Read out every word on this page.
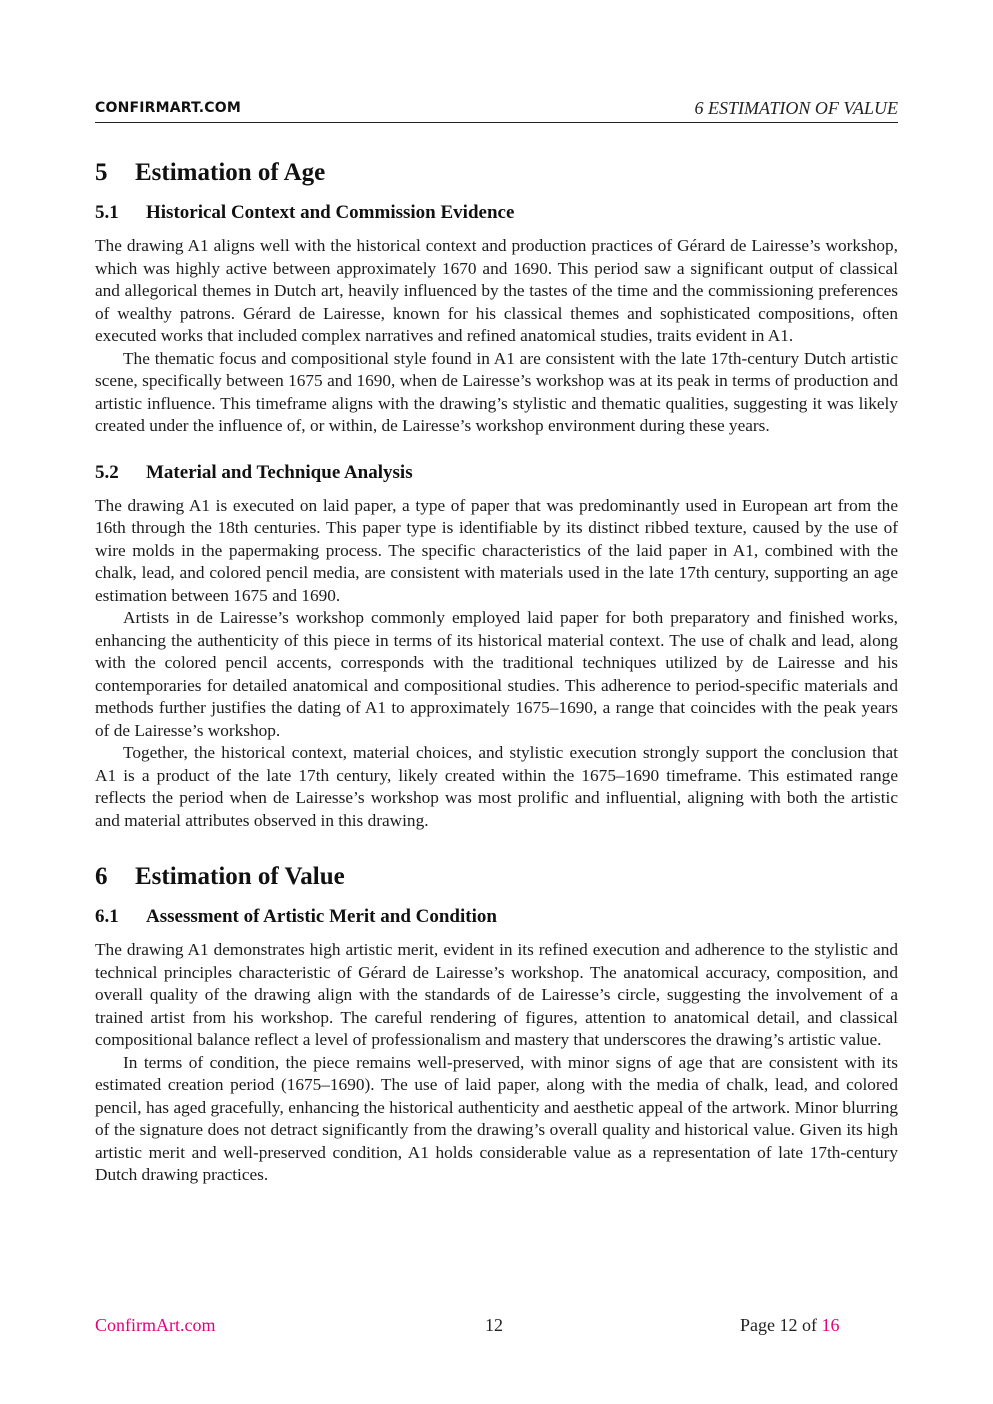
CONFIRMART.COM	6 ESTIMATION OF VALUE
5 Estimation of Age
5.1 Historical Context and Commission Evidence

The drawing A1 aligns well with the historical context and production practices of Gérard de Lairesse’s workshop, which was highly active between approximately 1670 and 1690. This period saw a significant output of classical and allegorical themes in Dutch art, heavily influenced by the tastes of the time and the commissioning preferences of wealthy patrons. Gérard de Lairesse, known for his classical themes and sophisticated compositions, often executed works that included complex narratives and refined anatomical studies, traits evident in A1.

The thematic focus and compositional style found in A1 are consistent with the late 17th-century Dutch artistic scene, specifically between 1675 and 1690, when de Lairesse’s workshop was at its peak in terms of production and artistic influence. This timeframe aligns with the drawing’s stylistic and thematic qualities, suggesting it was likely created under the influence of, or within, de Lairesse’s workshop environment during these years.

5.2 Material and Technique Analysis

The drawing A1 is executed on laid paper, a type of paper that was predominantly used in European art from the 16th through the 18th centuries. This paper type is identifiable by its distinct ribbed texture, caused by the use of wire molds in the papermaking process. The specific characteristics of the laid paper in A1, combined with the chalk, lead, and colored pencil media, are consistent with materials used in the late 17th century, supporting an age estimation between 1675 and 1690.

Artists in de Lairesse’s workshop commonly employed laid paper for both preparatory and finished works, enhancing the authenticity of this piece in terms of its historical material context. The use of chalk and lead, along with the colored pencil accents, corresponds with the traditional techniques utilized by de Lairesse and his contemporaries for detailed anatomical and compositional studies. This adherence to period-specific materials and methods further justifies the dating of A1 to approximately 1675–1690, a range that coincides with the peak years of de Lairesse’s workshop.

Together, the historical context, material choices, and stylistic execution strongly support the conclusion that A1 is a product of the late 17th century, likely created within the 1675–1690 timeframe. This estimated range reflects the period when de Lairesse’s workshop was most prolific and influential, aligning with both the artistic and material attributes observed in this drawing.

6 Estimation of Value
6.1 Assessment of Artistic Merit and Condition

The drawing A1 demonstrates high artistic merit, evident in its refined execution and adherence to the stylistic and technical principles characteristic of Gérard de Lairesse’s workshop. The anatomical accuracy, composition, and overall quality of the drawing align with the standards of de Lairesse’s circle, suggesting the involvement of a trained artist from his workshop. The careful rendering of figures, attention to anatomical detail, and classical compositional balance reflect a level of professionalism and mastery that underscores the drawing’s artistic value.

In terms of condition, the piece remains well-preserved, with minor signs of age that are consistent with its estimated creation period (1675–1690). The use of laid paper, along with the media of chalk, lead, and colored pencil, has aged gracefully, enhancing the historical authenticity and aesthetic appeal of the artwork. Minor blurring of the signature does not detract significantly from the drawing’s overall quality and historical value. Given its high artistic merit and well-preserved condition, A1 holds considerable value as a representation of late 17th-century Dutch drawing practices.

ConfirmArt.com	12	Page 12 of 16
